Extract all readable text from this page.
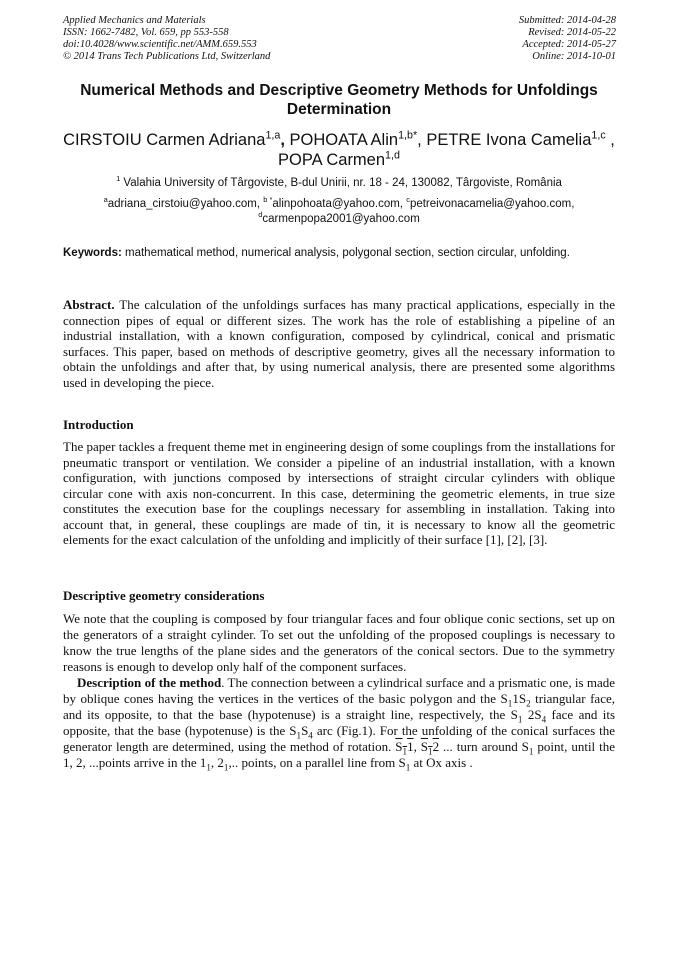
Applied Mechanics and Materials
ISSN: 1662-7482, Vol. 659, pp 553-558
doi:10.4028/www.scientific.net/AMM.659.553
© 2014 Trans Tech Publications Ltd, Switzerland
Submitted: 2014-04-28
Revised: 2014-05-22
Accepted: 2014-05-27
Online: 2014-10-01
Numerical Methods and Descriptive Geometry Methods for Unfoldings Determination
CIRSTOIU Carmen Adriana$^{1,a}$, POHOATA Alin$^{1,b*}$, PETRE Ivona Camelia$^{1,c}$ ,
POPA Carmen$^{1,d}$
$^1$ Valahia University of Târgoviste, B-dul Unirii, nr. 18 - 24, 130082, Târgoviste, România
$^a$adriana_cirstoiu@yahoo.com, $^{b *}$alinpohoata@yahoo.com, $^c$petreivonacamelia@yahoo.com,
$^d$carmenpopa2001@yahoo.com
Keywords: mathematical method, numerical analysis, polygonal section, section circular, unfolding.
Abstract. The calculation of the unfoldings surfaces has many practical applications, especially in the connection pipes of equal or different sizes. The work has the role of establishing a pipeline of an industrial installation, with a known configuration, composed by cylindrical, conical and prismatic surfaces. This paper, based on methods of descriptive geometry, gives all the necessary information to obtain the unfoldings and after that, by using numerical analysis, there are presented some algorithms used in developing the piece.
Introduction
The paper tackles a frequent theme met in engineering design of some couplings from the installations for pneumatic transport or ventilation. We consider a pipeline of an industrial installation, with a known configuration, with junctions composed by intersections of straight circular cylinders with oblique circular cone with axis non-concurrent. In this case, determining the geometric elements, in true size constitutes the execution base for the couplings necessary for assembling in installation. Taking into account that, in general, these couplings are made of tin, it is necessary to know all the geometric elements for the exact calculation of the unfolding and implicitly of their surface [1], [2], [3].
Descriptive geometry considerations
We note that the coupling is composed by four triangular faces and four oblique conic sections, set up on the generators of a straight cylinder. To set out the unfolding of the proposed couplings is necessary to know the true lengths of the plane sides and the generators of the conical sectors. Due to the symmetry reasons is enough to develop only half of the component surfaces.
Description of the method. The connection between a cylindrical surface and a prismatic one, is made by oblique cones having the vertices in the vertices of the basic polygon and the $S_11S_2$ triangular face, and its opposite, to that the base (hypotenuse) is a straight line, respectively, the $S_1$ $2S_4$ face and its opposite, that the base (hypotenuse) is the $S_1S_4$ arc (Fig.1). For the unfolding of the conical surfaces the generator length are determined, using the method of rotation. $S_11$, $S_12$ ... turn around $S_1$ point, until the 1, 2, ...points arrive in the $1_1$, $2_1$,.. points, on a parallel line from $S_1$ at Ox axis .
